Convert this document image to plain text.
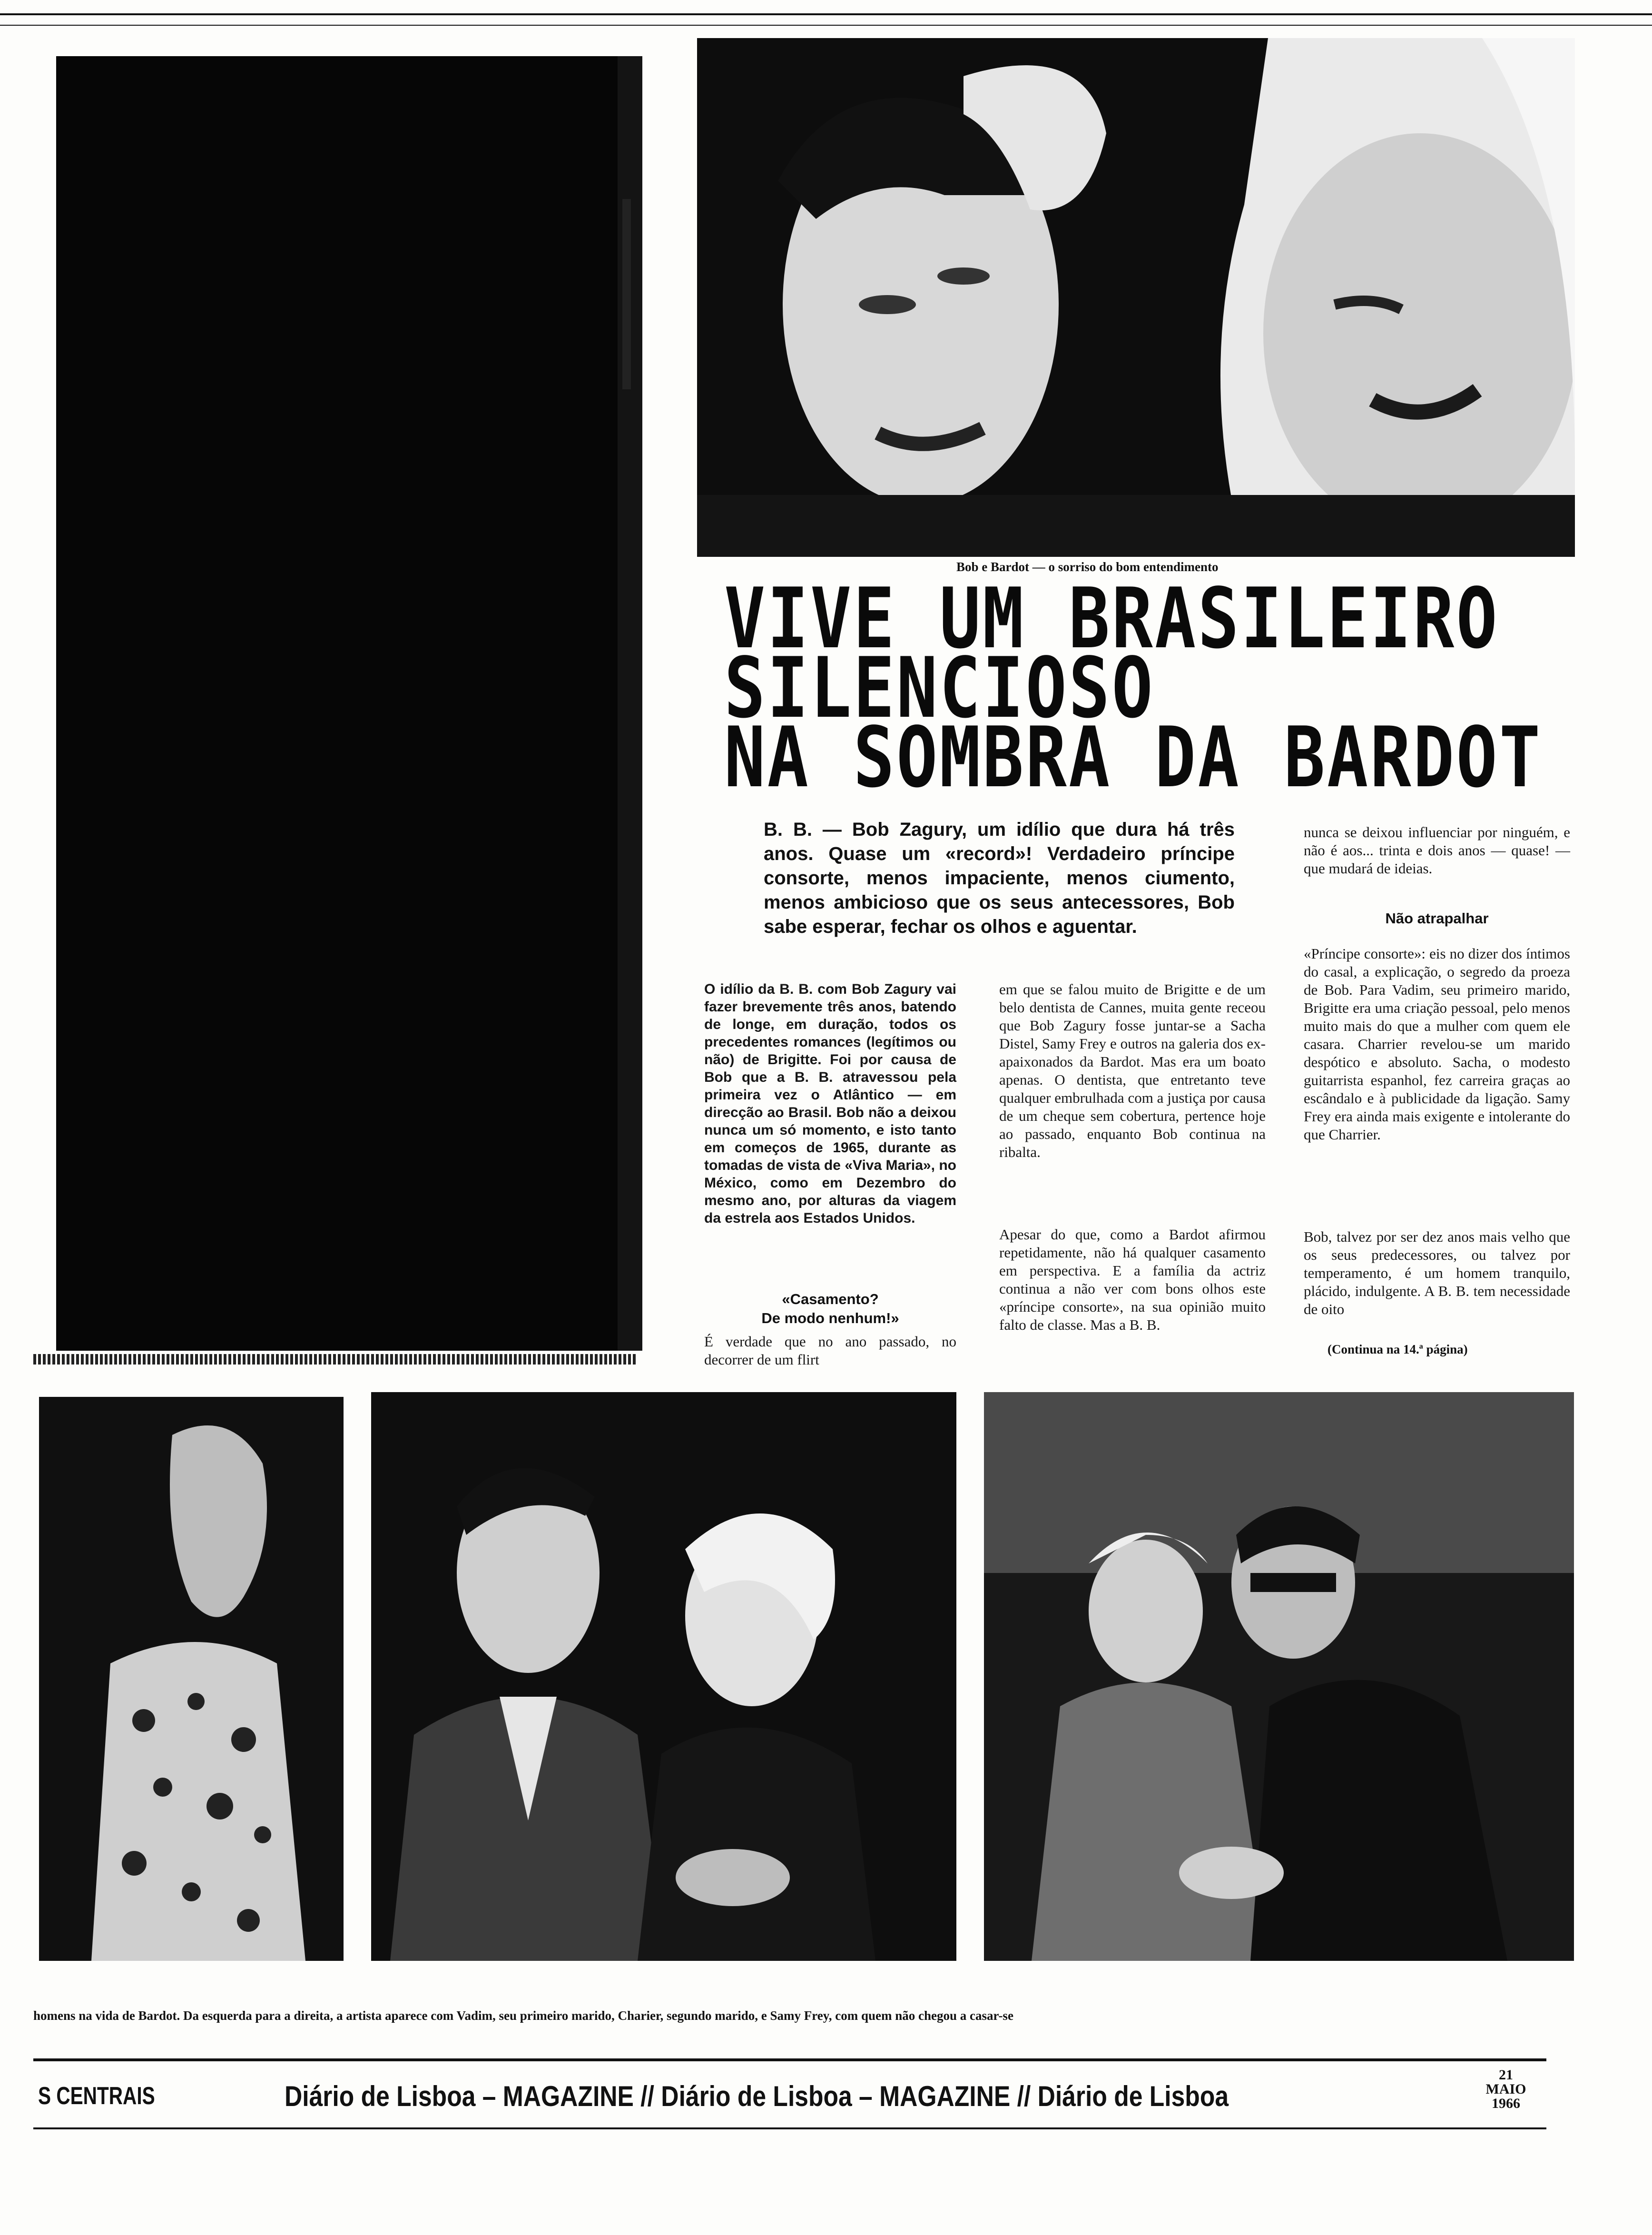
Bob e Bardot — o sorriso do bom entendimento
VIVE UM BRASILEIRO
SILENCIOSO
NA SOMBRA DA BARDOT
B. B. — Bob Zagury, um idílio que dura há três anos. Quase um «record»! Verdadeiro príncipe consorte, menos impaciente, menos ciumento, menos ambicioso que os seus antecessores, Bob sabe esperar, fechar os olhos e aguentar.
O idílio da B. B. com Bob Zagury vai fazer brevemente três anos, batendo de longe, em duração, todos os precedentes romances (legítimos ou não) de Brigitte. Foi por causa de Bob que a B. B. atravessou pela primeira vez o Atlântico — em direcção ao Brasil. Bob não a deixou nunca um só momento, e isto tanto em começos de 1965, durante as tomadas de vista de «Viva Maria», no México, como em Dezembro do mesmo ano, por alturas da viagem da estrela aos Estados Unidos.
«Casamento?
De modo nenhum!»
É verdade que no ano passado, no decorrer de um flirt
em que se falou muito de Brigitte e de um belo dentista de Cannes, muita gente receou que Bob Zagury fosse juntar-se a Sacha Distel, Samy Frey e outros na galeria dos ex-apaixonados da Bardot. Mas era um boato apenas. O dentista, que entretanto teve qualquer embrulhada com a justiça por causa de um cheque sem cobertura, pertence hoje ao passado, enquanto Bob continua na ribalta.
Apesar do que, como a Bardot afirmou repetidamente, não há qualquer casamento em perspectiva. E a família da actriz continua a não ver com bons olhos este «príncipe consorte», na sua opinião muito falto de classe. Mas a B. B.
nunca se deixou influenciar por ninguém, e não é aos... trinta e dois anos — quase! — que mudará de ideias.
Não atrapalhar
«Príncipe consorte»: eis no dizer dos íntimos do casal, a explicação, o segredo da proeza de Bob. Para Vadim, seu primeiro marido, Brigitte era uma criação pessoal, pelo menos muito mais do que a mulher com quem ele casara. Charrier revelou-se um marido despótico e absoluto. Sacha, o modesto guitarrista espanhol, fez carreira graças ao escândalo e à publicidade da ligação. Samy Frey era ainda mais exigente e intolerante do que Charrier.
Bob, talvez por ser dez anos mais velho que os seus predecessores, ou talvez por temperamento, é um homem tranquilo, plácido, indulgente. A B. B. tem necessidade de oito
(Continua na 14.ª página)
homens na vida de Bardot. Da esquerda para a direita, a artista aparece com Vadim, seu primeiro marido, Charier, segundo marido, e Samy Frey, com quem não chegou a casar-se
S CENTRAIS	Diário de Lisboa – MAGAZINE // Diário de Lisboa – MAGAZINE // Diário de Lisboa
21
MAIO
1966
